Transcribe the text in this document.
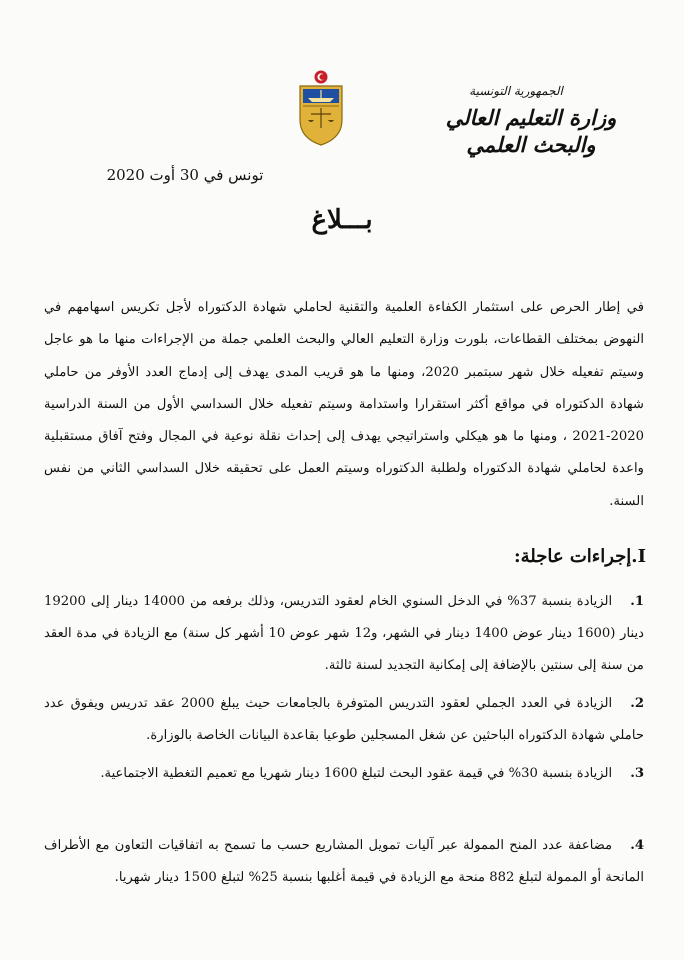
الجمهورية التونسية
وزارة التعليم العالي
والبحث العلمي
تونس في 30 أوت 2020
بـــلاغ
في إطار الحرص على استثمار الكفاءة العلمية والتقنية لحاملي شهادة الدكتوراه لأجل تكريس اسهامهم في النهوض بمختلف القطاعات، بلورت وزارة التعليم العالي والبحث العلمي جملة من الإجراءات منها ما هو عاجل وسيتم تفعيله خلال شهر سبتمبر 2020، ومنها ما هو قريب المدى يهدف إلى إدماج العدد الأوفر من حاملي شهادة الدكتوراه في مواقع أكثر استقرارا واستدامة وسيتم تفعيله خلال السداسي الأول من السنة الدراسية 2020-2021 ، ومنها ما هو هيكلي واستراتيجي يهدف إلى إحداث نقلة نوعية في المجال وفتح آفاق مستقبلية واعدة لحاملي شهادة الدكتوراه ولطلبة الدكتوراه وسيتم العمل على تحقيقه خلال السداسي الثاني من نفس السنة.
I.إجراءات عاجلة:
1.الزيادة بنسبة 37% في الدخل السنوي الخام لعقود التدريس، وذلك برفعه من 14000 دينار إلى 19200 دينار (1600 دينار عوض 1400 دينار في الشهر، و12 شهر عوض 10 أشهر كل سنة) مع الزيادة في مدة العقد من سنة إلى سنتين بالإضافة إلى إمكانية التجديد لسنة ثالثة.
2.الزيادة في العدد الجملي لعقود التدريس المتوفرة بالجامعات حيث يبلغ 2000 عقد تدريس ويفوق عدد حاملي شهادة الدكتوراه الباحثين عن شغل المسجلين طوعيا بقاعدة البيانات الخاصة بالوزارة.
3.الزيادة بنسبة 30% في قيمة عقود البحث لتبلغ 1600 دينار شهريا مع تعميم التغطية الاجتماعية.
4.مضاعفة عدد المنح الممولة عبر آليات تمويل المشاريع حسب ما تسمح به اتفاقيات التعاون مع الأطراف المانحة أو الممولة لتبلغ 882 منحة مع الزيادة في قيمة أغلبها بنسبة 25% لتبلغ 1500 دينار شهريا.
